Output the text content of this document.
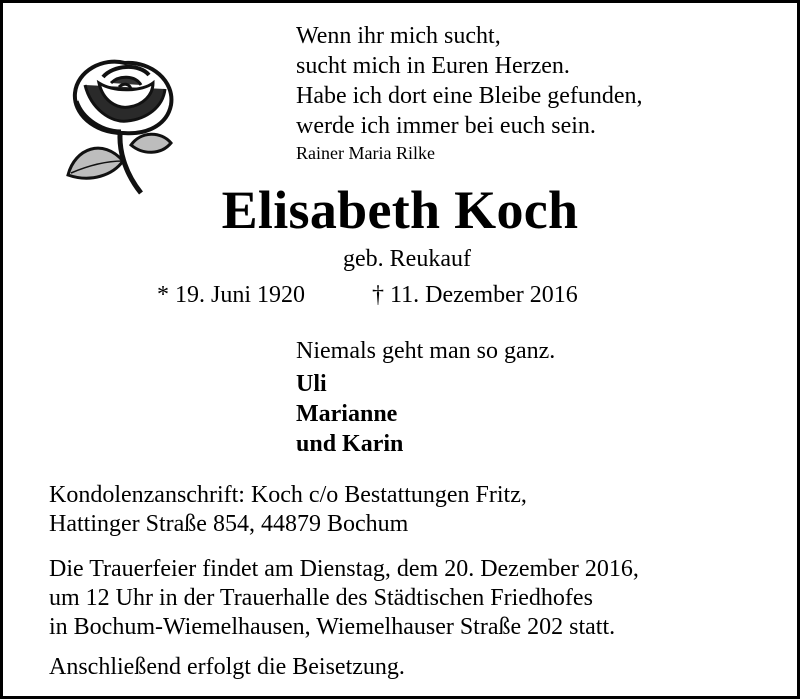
Wenn ihr mich sucht,
sucht mich in Euren Herzen.
Habe ich dort eine Bleibe gefunden,
werde ich immer bei euch sein.
Rainer Maria Rilke
Elisabeth Koch
geb. Reukauf
* 19. Juni 1920	† 11. Dezember 2016
Niemals geht man so ganz.
Uli
Marianne
und Karin
Kondolenzanschrift: Koch c/o Bestattungen Fritz,
Hattinger Straße 854, 44879 Bochum
Die Trauerfeier findet am Dienstag, dem 20. Dezember 2016,
um 12 Uhr in der Trauerhalle des Städtischen Friedhofes
in Bochum-Wiemelhausen, Wiemelhauser Straße 202 statt.
Anschließend erfolgt die Beisetzung.
